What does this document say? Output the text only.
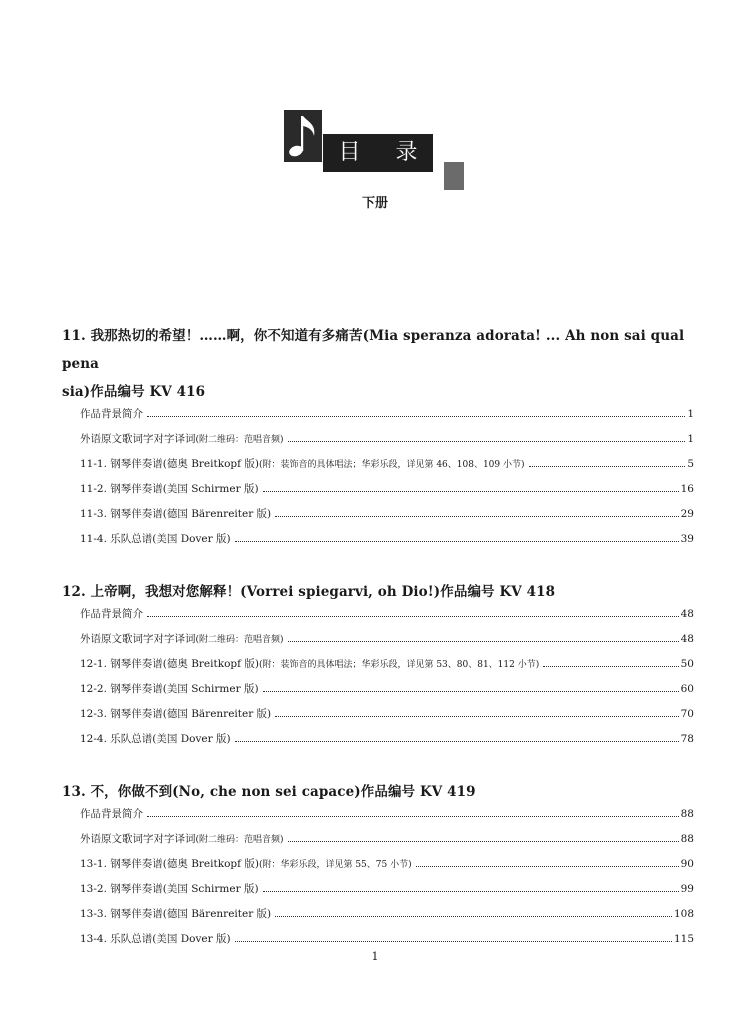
目 录
下册
11. 我那热切的希望！……啊，你不知道有多痛苦(Mia speranza adorata! ... Ah non sai qual pena
sia)作品编号 KV 416
作品背景简介	1
外语原文歌词字对字译词(附二维码：范唱音频)	1
11-1. 钢琴伴奏谱(德奥 Breitkopf 版)(附：装饰音的具体唱法；华彩乐段，详见第 46、108、109 小节)	5
11-2. 钢琴伴奏谱(美国 Schirmer 版)	16
11-3. 钢琴伴奏谱(德国 Bärenreiter 版)	29
11-4. 乐队总谱(美国 Dover 版)	39
12. 上帝啊，我想对您解释！(Vorrei spiegarvi, oh Dio!)作品编号 KV 418
作品背景简介	48
外语原文歌词字对字译词(附二维码：范唱音频)	48
12-1. 钢琴伴奏谱(德奥 Breitkopf 版)(附：装饰音的具体唱法；华彩乐段，详见第 53、80、81、112 小节)	50
12-2. 钢琴伴奏谱(美国 Schirmer 版)	60
12-3. 钢琴伴奏谱(德国 Bärenreiter 版)	70
12-4. 乐队总谱(美国 Dover 版)	78
13. 不，你做不到(No, che non sei capace)作品编号 KV 419
作品背景简介	88
外语原文歌词字对字译词(附二维码：范唱音频)	88
13-1. 钢琴伴奏谱(德奥 Breitkopf 版)(附：华彩乐段，详见第 55、75 小节)	90
13-2. 钢琴伴奏谱(美国 Schirmer 版)	99
13-3. 钢琴伴奏谱(德国 Bärenreiter 版)	108
13-4. 乐队总谱(美国 Dover 版)	115
1
